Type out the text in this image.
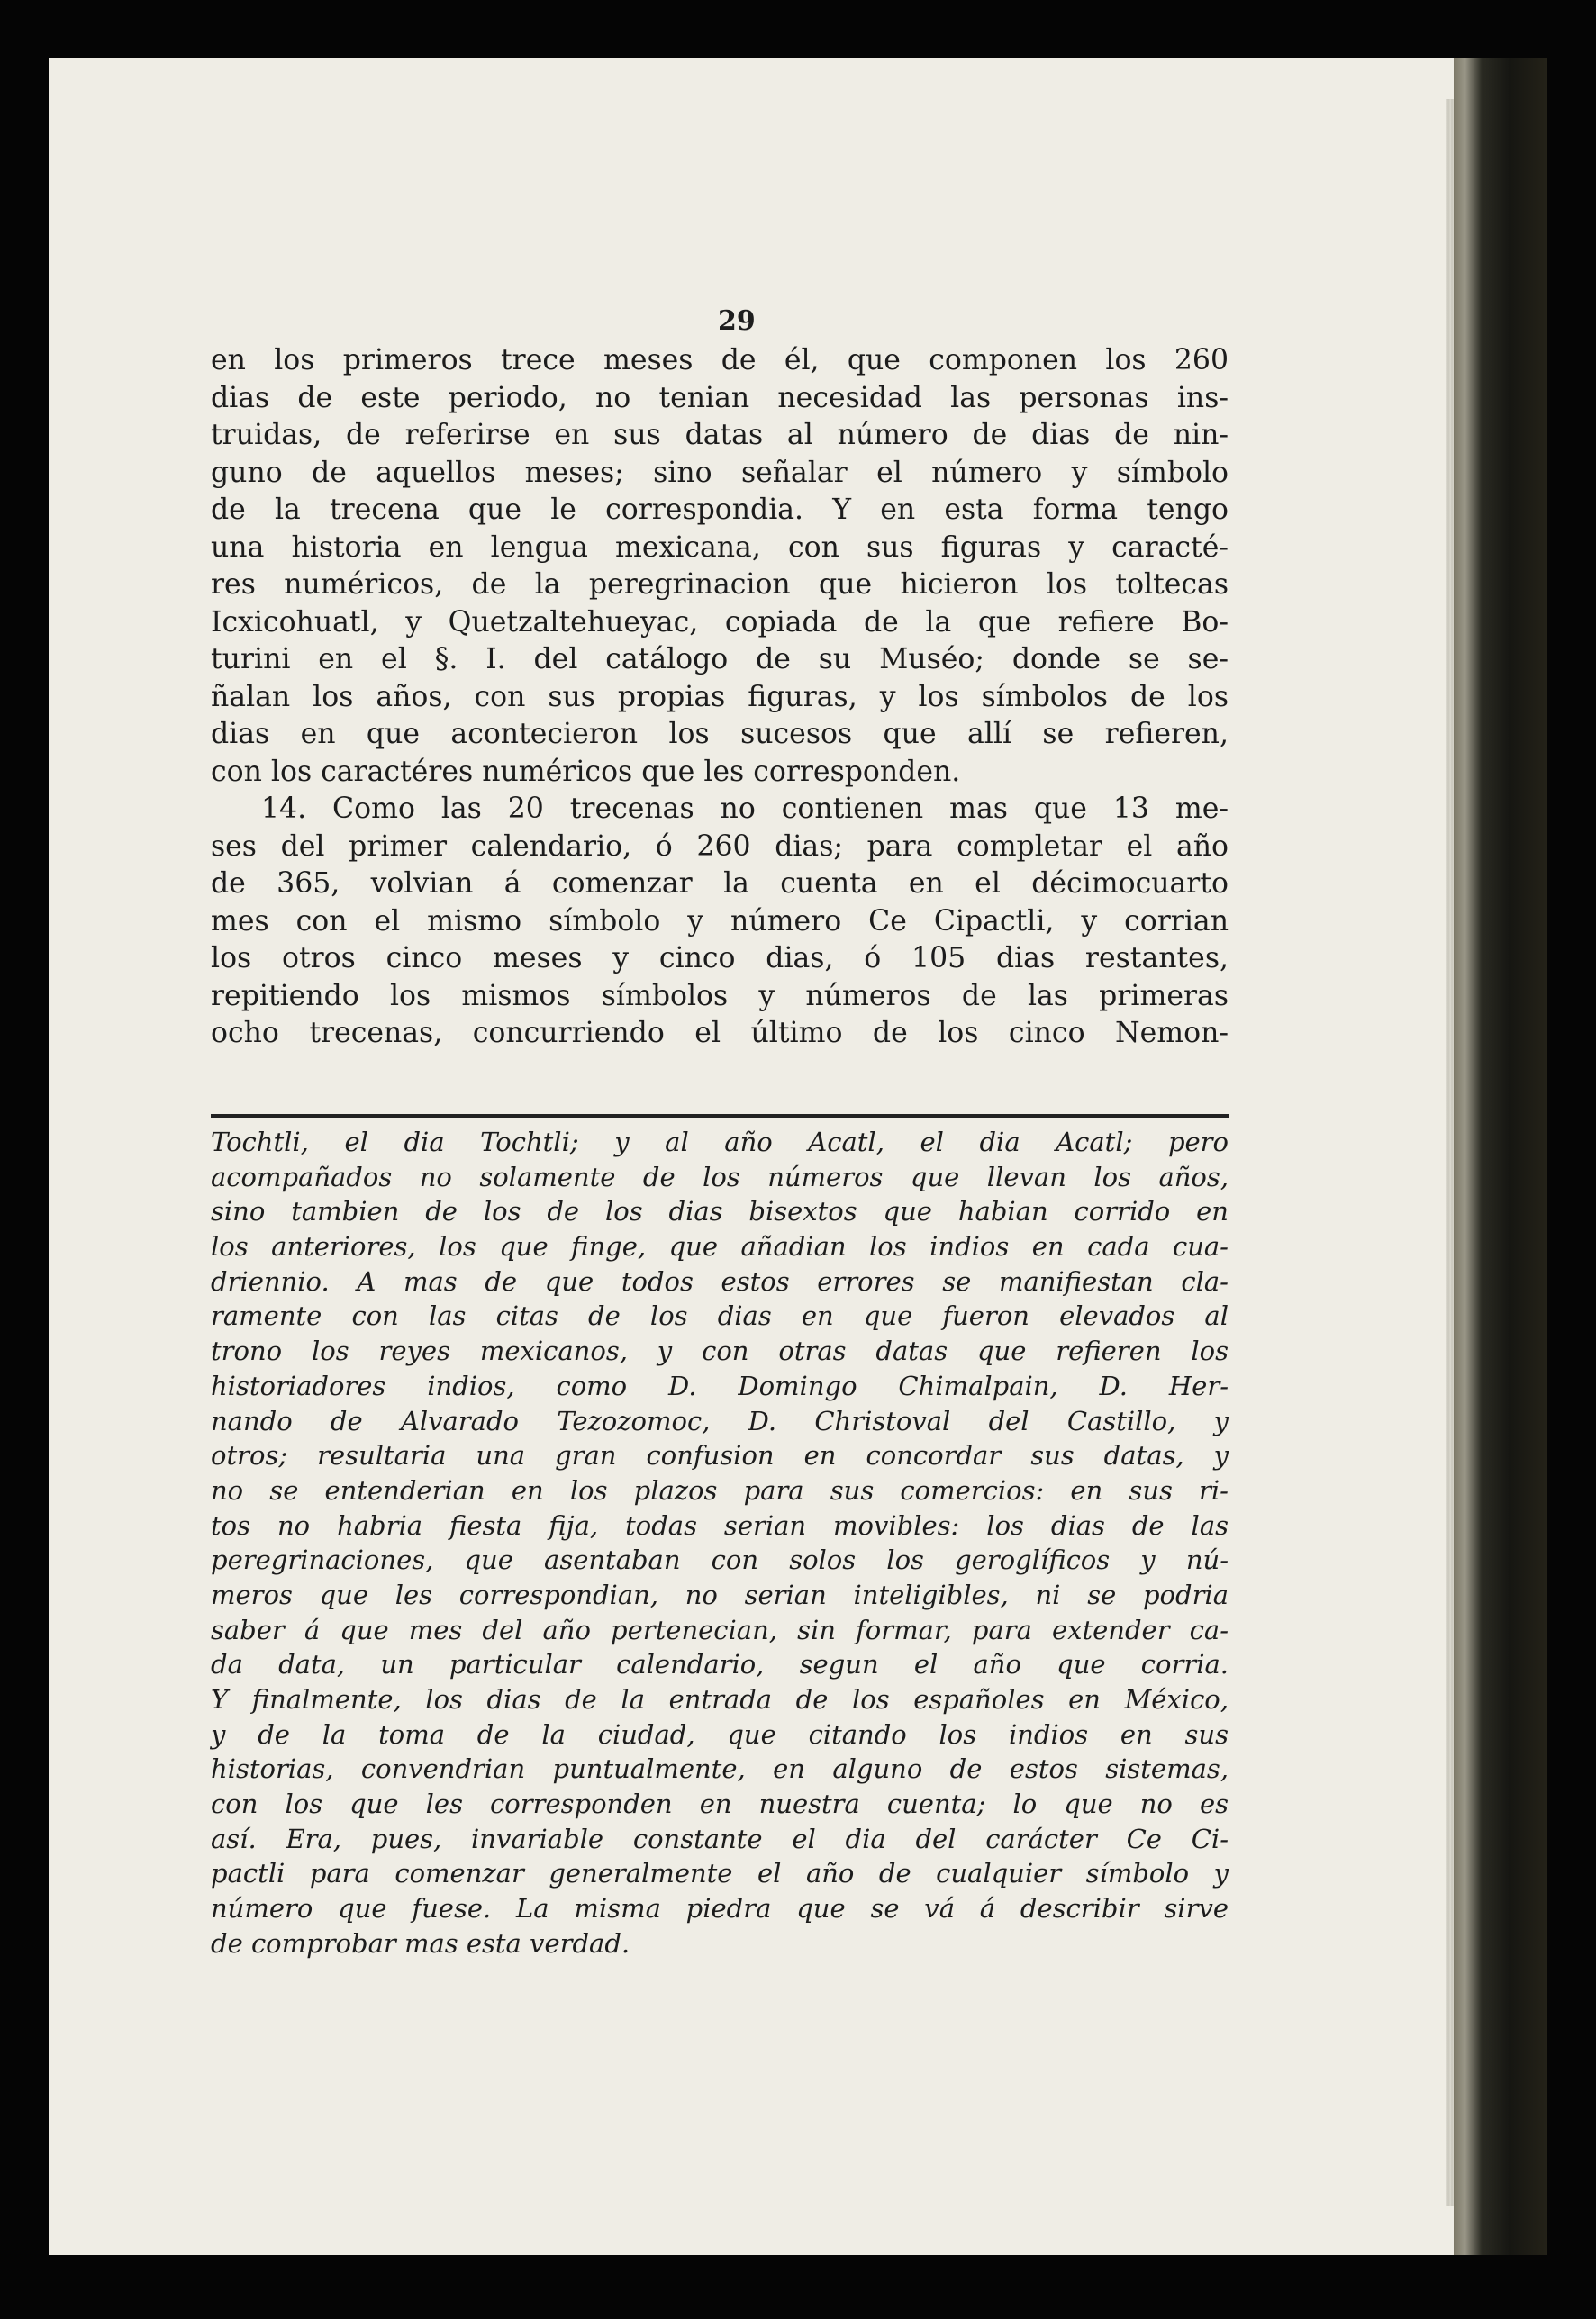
29
en los primeros trece meses de él, que componen los 260
dias de este periodo, no tenian necesidad las personas ins-
truidas, de referirse en sus datas al número de dias de nin-
guno de aquellos meses; sino señalar el número y símbolo
de la trecena que le correspondia. Y en esta forma tengo
una historia en lengua mexicana, con sus figuras y caracté-
res numéricos, de la peregrinacion que hicieron los toltecas
Icxicohuatl, y Quetzaltehueyac, copiada de la que refiere Bo-
turini en el §. I. del catálogo de su Muséo; donde se se-
ñalan los años, con sus propias figuras, y los símbolos de los
dias en que acontecieron los sucesos que allí se refieren,
con los caractéres numéricos que les corresponden.
14. Como las 20 trecenas no contienen mas que 13 me-
ses del primer calendario, ó 260 dias; para completar el año
de 365, volvian á comenzar la cuenta en el décimocuarto
mes con el mismo símbolo y número Ce Cipactli, y corrian
los otros cinco meses y cinco dias, ó 105 dias restantes,
repitiendo los mismos símbolos y números de las primeras
ocho trecenas, concurriendo el último de los cinco Nemon-
Tochtli, el dia Tochtli; y al año Acatl, el dia Acatl; pero
acompañados no solamente de los números que llevan los años,
sino tambien de los de los dias bisextos que habian corrido en
los anteriores, los que finge, que añadian los indios en cada cua-
driennio. A mas de que todos estos errores se manifiestan cla-
ramente con las citas de los dias en que fueron elevados al
trono los reyes mexicanos, y con otras datas que refieren los
historiadores indios, como D. Domingo Chimalpain, D. Her-
nando de Alvarado Tezozomoc, D. Christoval del Castillo, y
otros; resultaria una gran confusion en concordar sus datas, y
no se entenderian en los plazos para sus comercios: en sus ri-
tos no habria fiesta fija, todas serian movibles: los dias de las
peregrinaciones, que asentaban con solos los geroglíficos y nú-
meros que les correspondian, no serian inteligibles, ni se podria
saber á que mes del año pertenecian, sin formar, para extender ca-
da data, un particular calendario, segun el año que corria.
Y finalmente, los dias de la entrada de los españoles en México,
y de la toma de la ciudad, que citando los indios en sus
historias, convendrian puntualmente, en alguno de estos sistemas,
con los que les corresponden en nuestra cuenta; lo que no es
así. Era, pues, invariable constante el dia del carácter Ce Ci-
pactli para comenzar generalmente el año de cualquier símbolo y
número que fuese. La misma piedra que se vá á describir sirve
de comprobar mas esta verdad.
